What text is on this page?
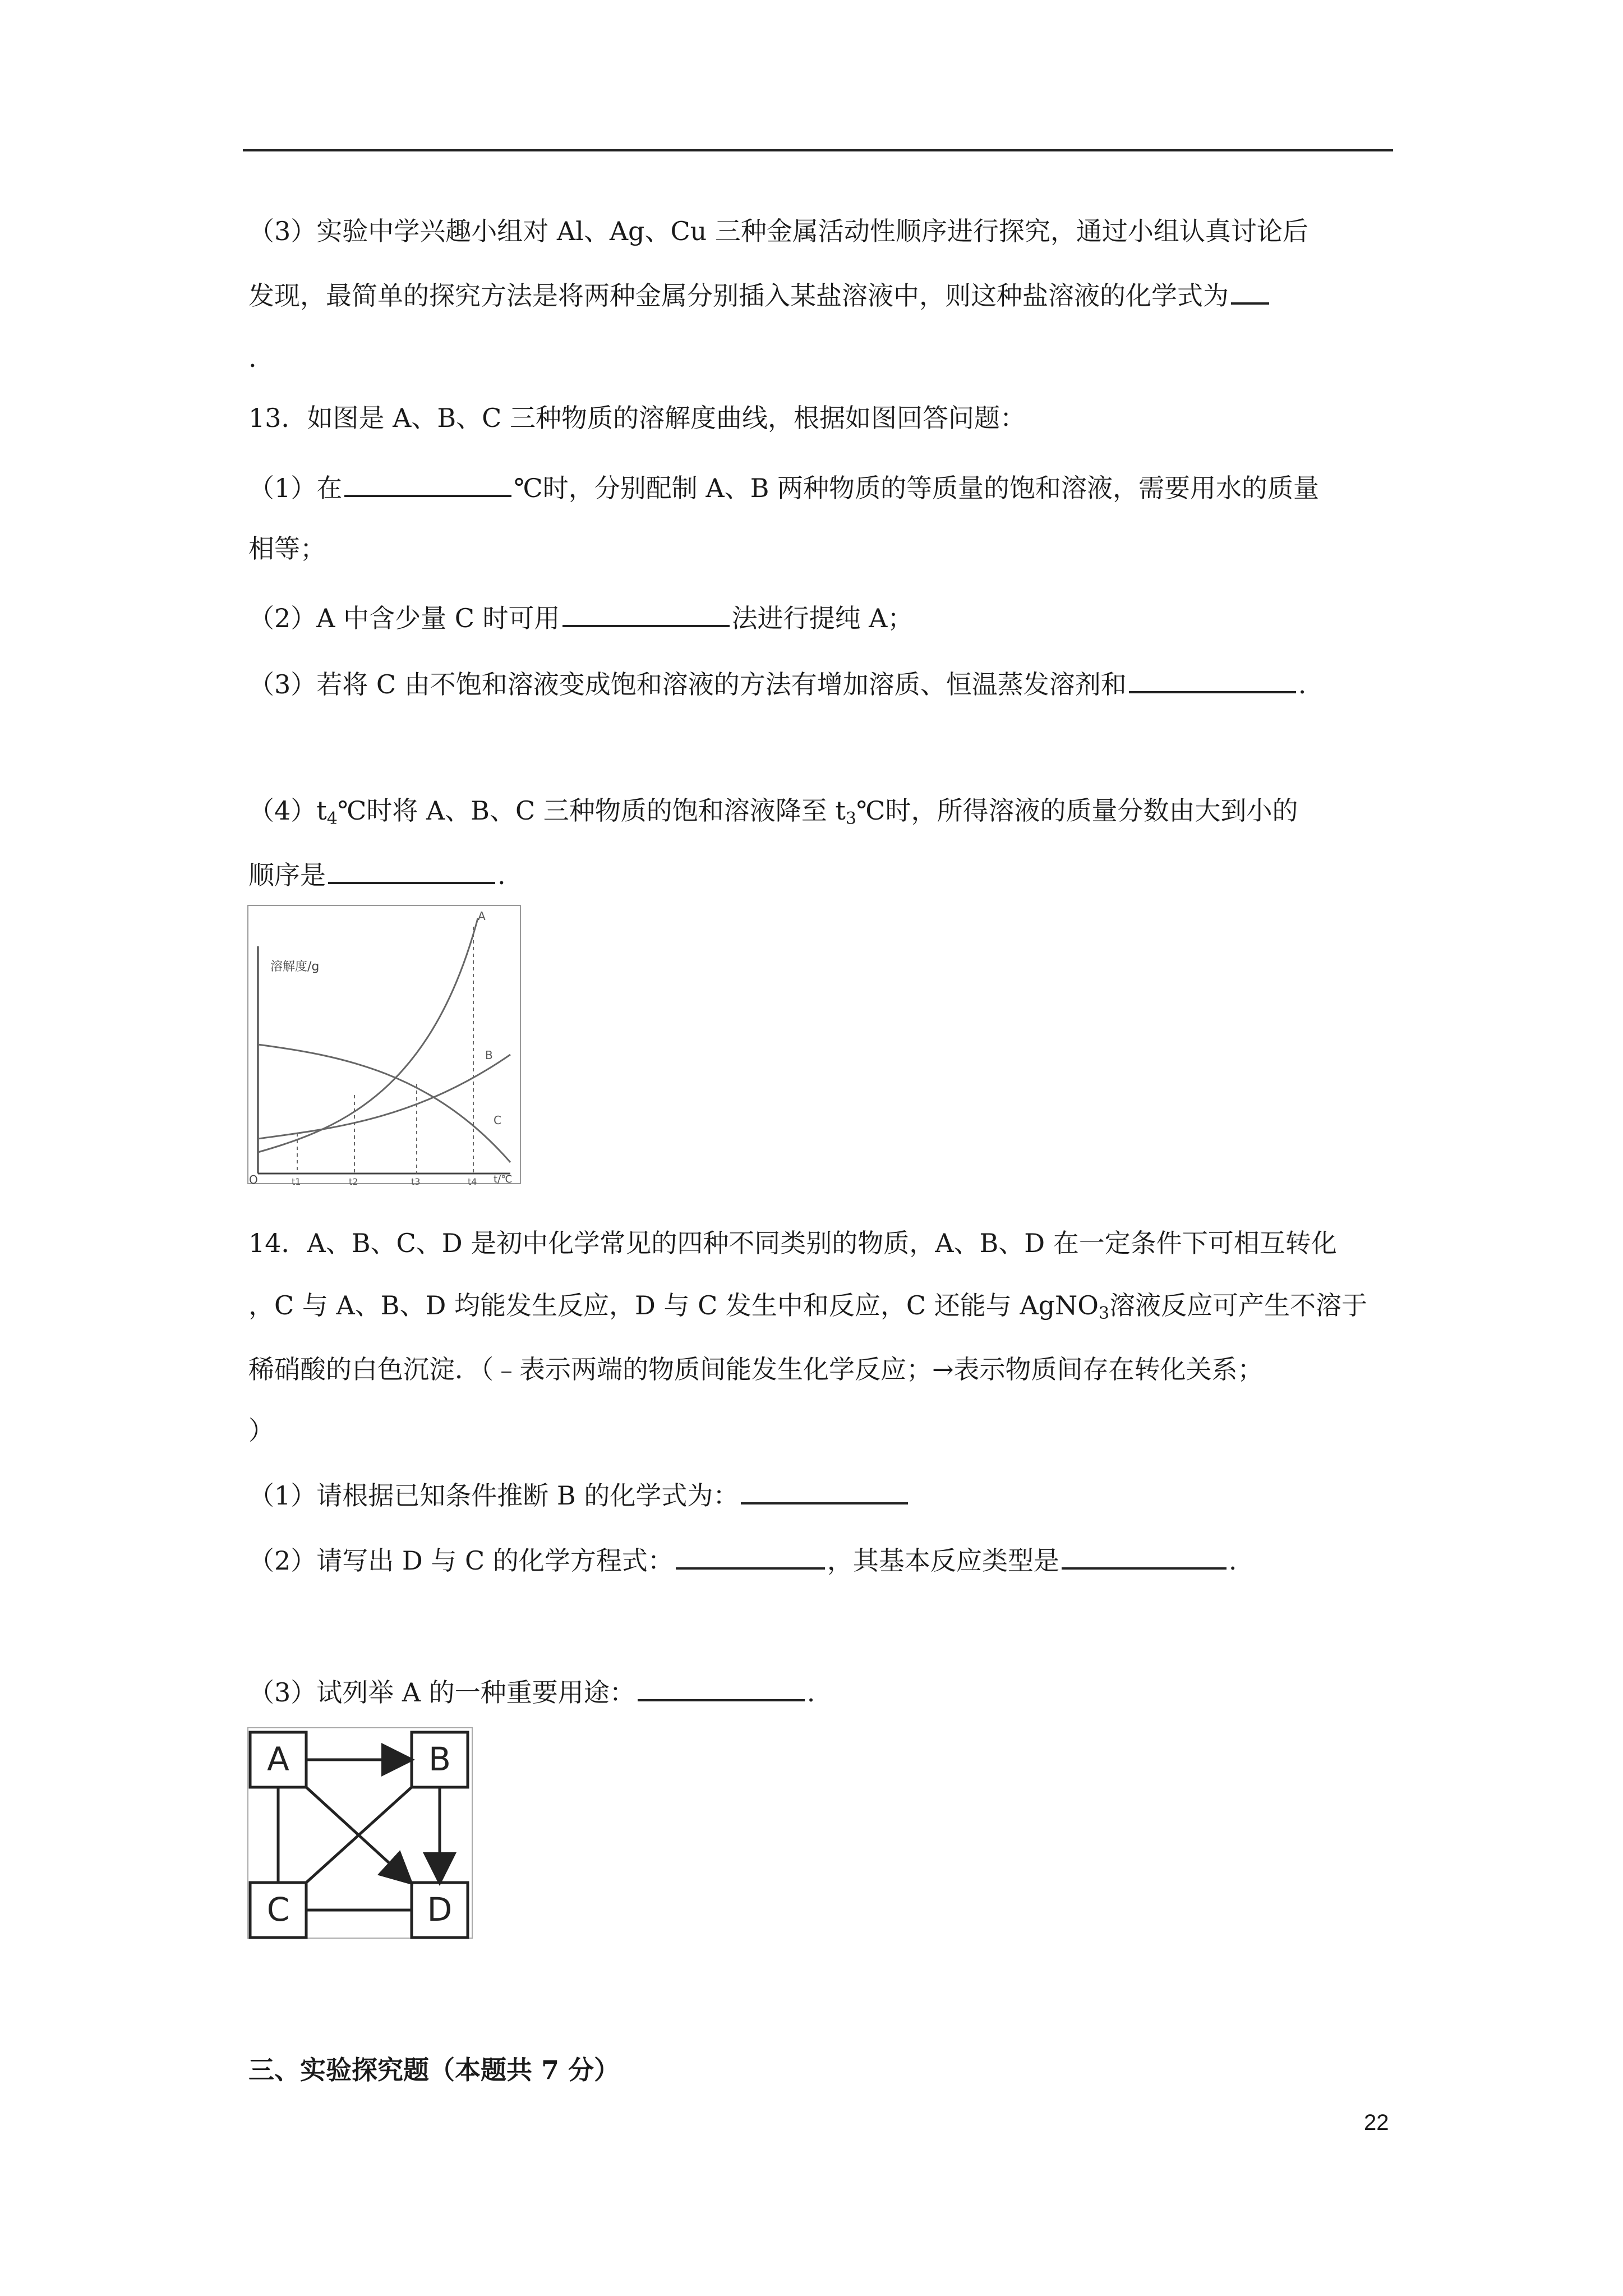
（3）实验中学兴趣小组对 Al、Ag、Cu 三种金属活动性顺序进行探究，通过小组认真讨论后
发现，最简单的探究方法是将两种金属分别插入某盐溶液中，则这种盐溶液的化学式为
.
13．如图是 A、B、C 三种物质的溶解度曲线，根据如图回答问题：
（1）在	℃时，分别配制 A、B 两种物质的等质量的饱和溶液，需要用水的质量
相等；
（2）A 中含少量 C 时可用	法进行提纯 A；
（3）若将 C 由不饱和溶液变成饱和溶液的方法有增加溶质、恒温蒸发溶剂和	.
$(4)t_4℃$时将 A、B、C 三种物质的饱和溶液降至 $t_3℃$时，所得溶液的质量分数由大到小的
顺序是	.
溶解度/g
O	t/℃
A
B
C
t1	t2	t3	t4
14．A、B、C、D 是初中化学常见的四种不同类别的物质，A、B、D 在一定条件下可相互转化
，C 与 A、B、D 均能发生反应，D 与 C 发生中和反应，C 还能与 AgNO$_3$溶液反应可产生不溶于
稀硝酸的白色沉淀．（﹣表示两端的物质间能发生化学反应；→表示物质间存在转化关系；
）
（1）请根据已知条件推断 B 的化学式为：
（2）请写出 D 与 C 的化学方程式：	，其基本反应类型是	.
（3）试列举 A 的一种重要用途：	.
A	B
C	D
三、实验探究题（本题共 7 分）
22
